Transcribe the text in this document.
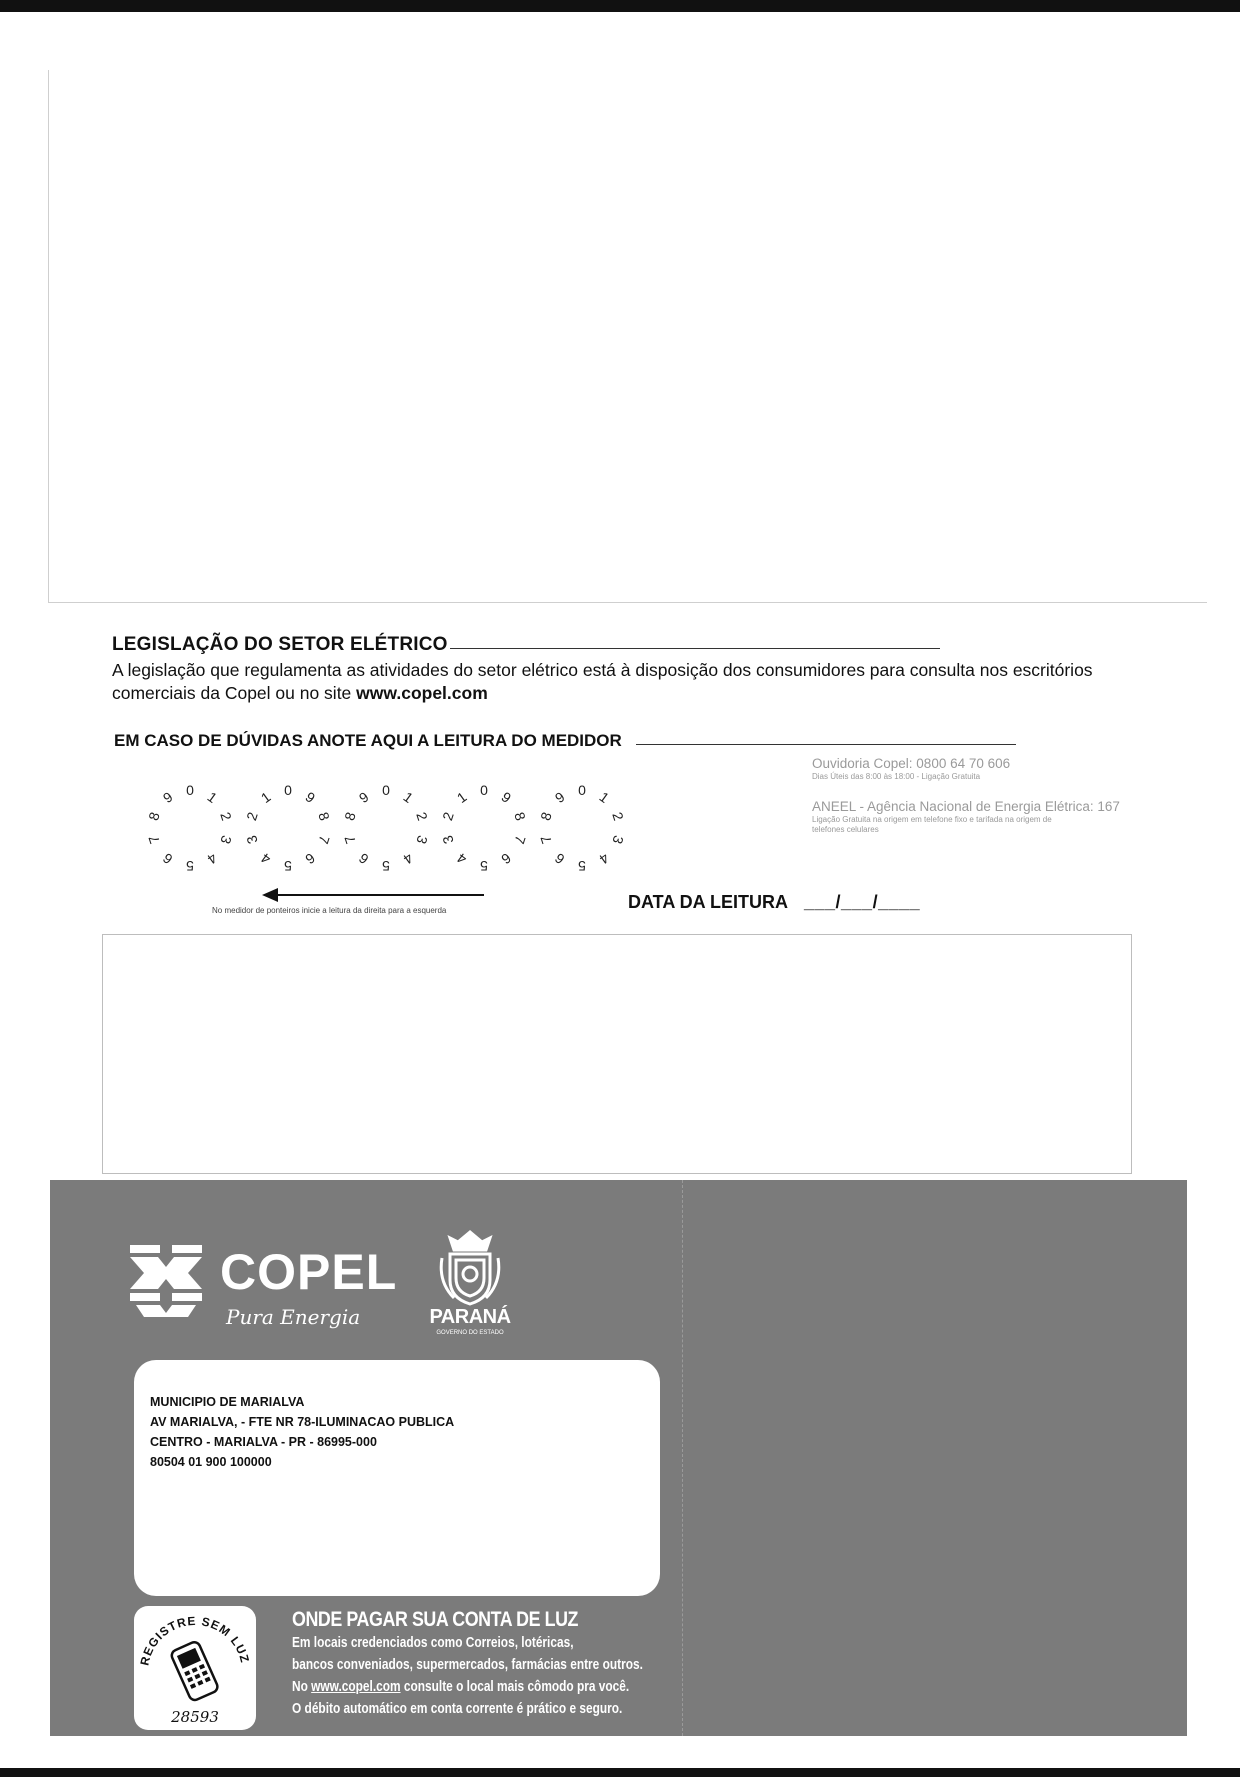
LEGISLAÇÃO DO SETOR ELÉTRICO
A legislação que regulamenta as atividades do setor elétrico está à disposição dos consumidores para consulta nos escritórios comerciais da Copel ou no site www.copel.com
EM CASO DE DÚVIDAS ANOTE AQUI A LEITURA DO MEDIDOR
Ouvidoria Copel: 0800 64 70 606
Dias Úteis das 8:00 às 18:00 - Ligação Gratuita
ANEEL - Agência Nacional de Energia Elétrica: 167
Ligação Gratuita na origem em telefone fixo e tarifada na origem de
telefones celulares
0 1
2
3
4
5
6
7
8
9	0 9
8
7
6
5
4
3
2
1	0 1
2
3
4
5
6
7
8
9	0 9
8
7
6
5
4
3
2
1	0 1
2
3
4
5
6
7
8
9
No medidor de ponteiros inicie a leitura da direita para a esquerda	DATA DA LEITURA ___/___/____
COPEL
Pura Energia	PARANÁ
GOVERNO DO ESTADO
MUNICIPIO DE MARIALVA
AV MARIALVA, - FTE NR 78-ILUMINACAO PUBLICA
CENTRO - MARIALVA - PR - 86995-000
80504 01 900 100000
REGISTRE SEM LUZ
28593
ONDE PAGAR SUA CONTA DE LUZ
Em locais credenciados como Correios, lotéricas,
bancos conveniados, supermercados, farmácias entre outros.
No www.copel.com consulte o local mais cômodo pra você.
O débito automático em conta corrente é prático e seguro.
